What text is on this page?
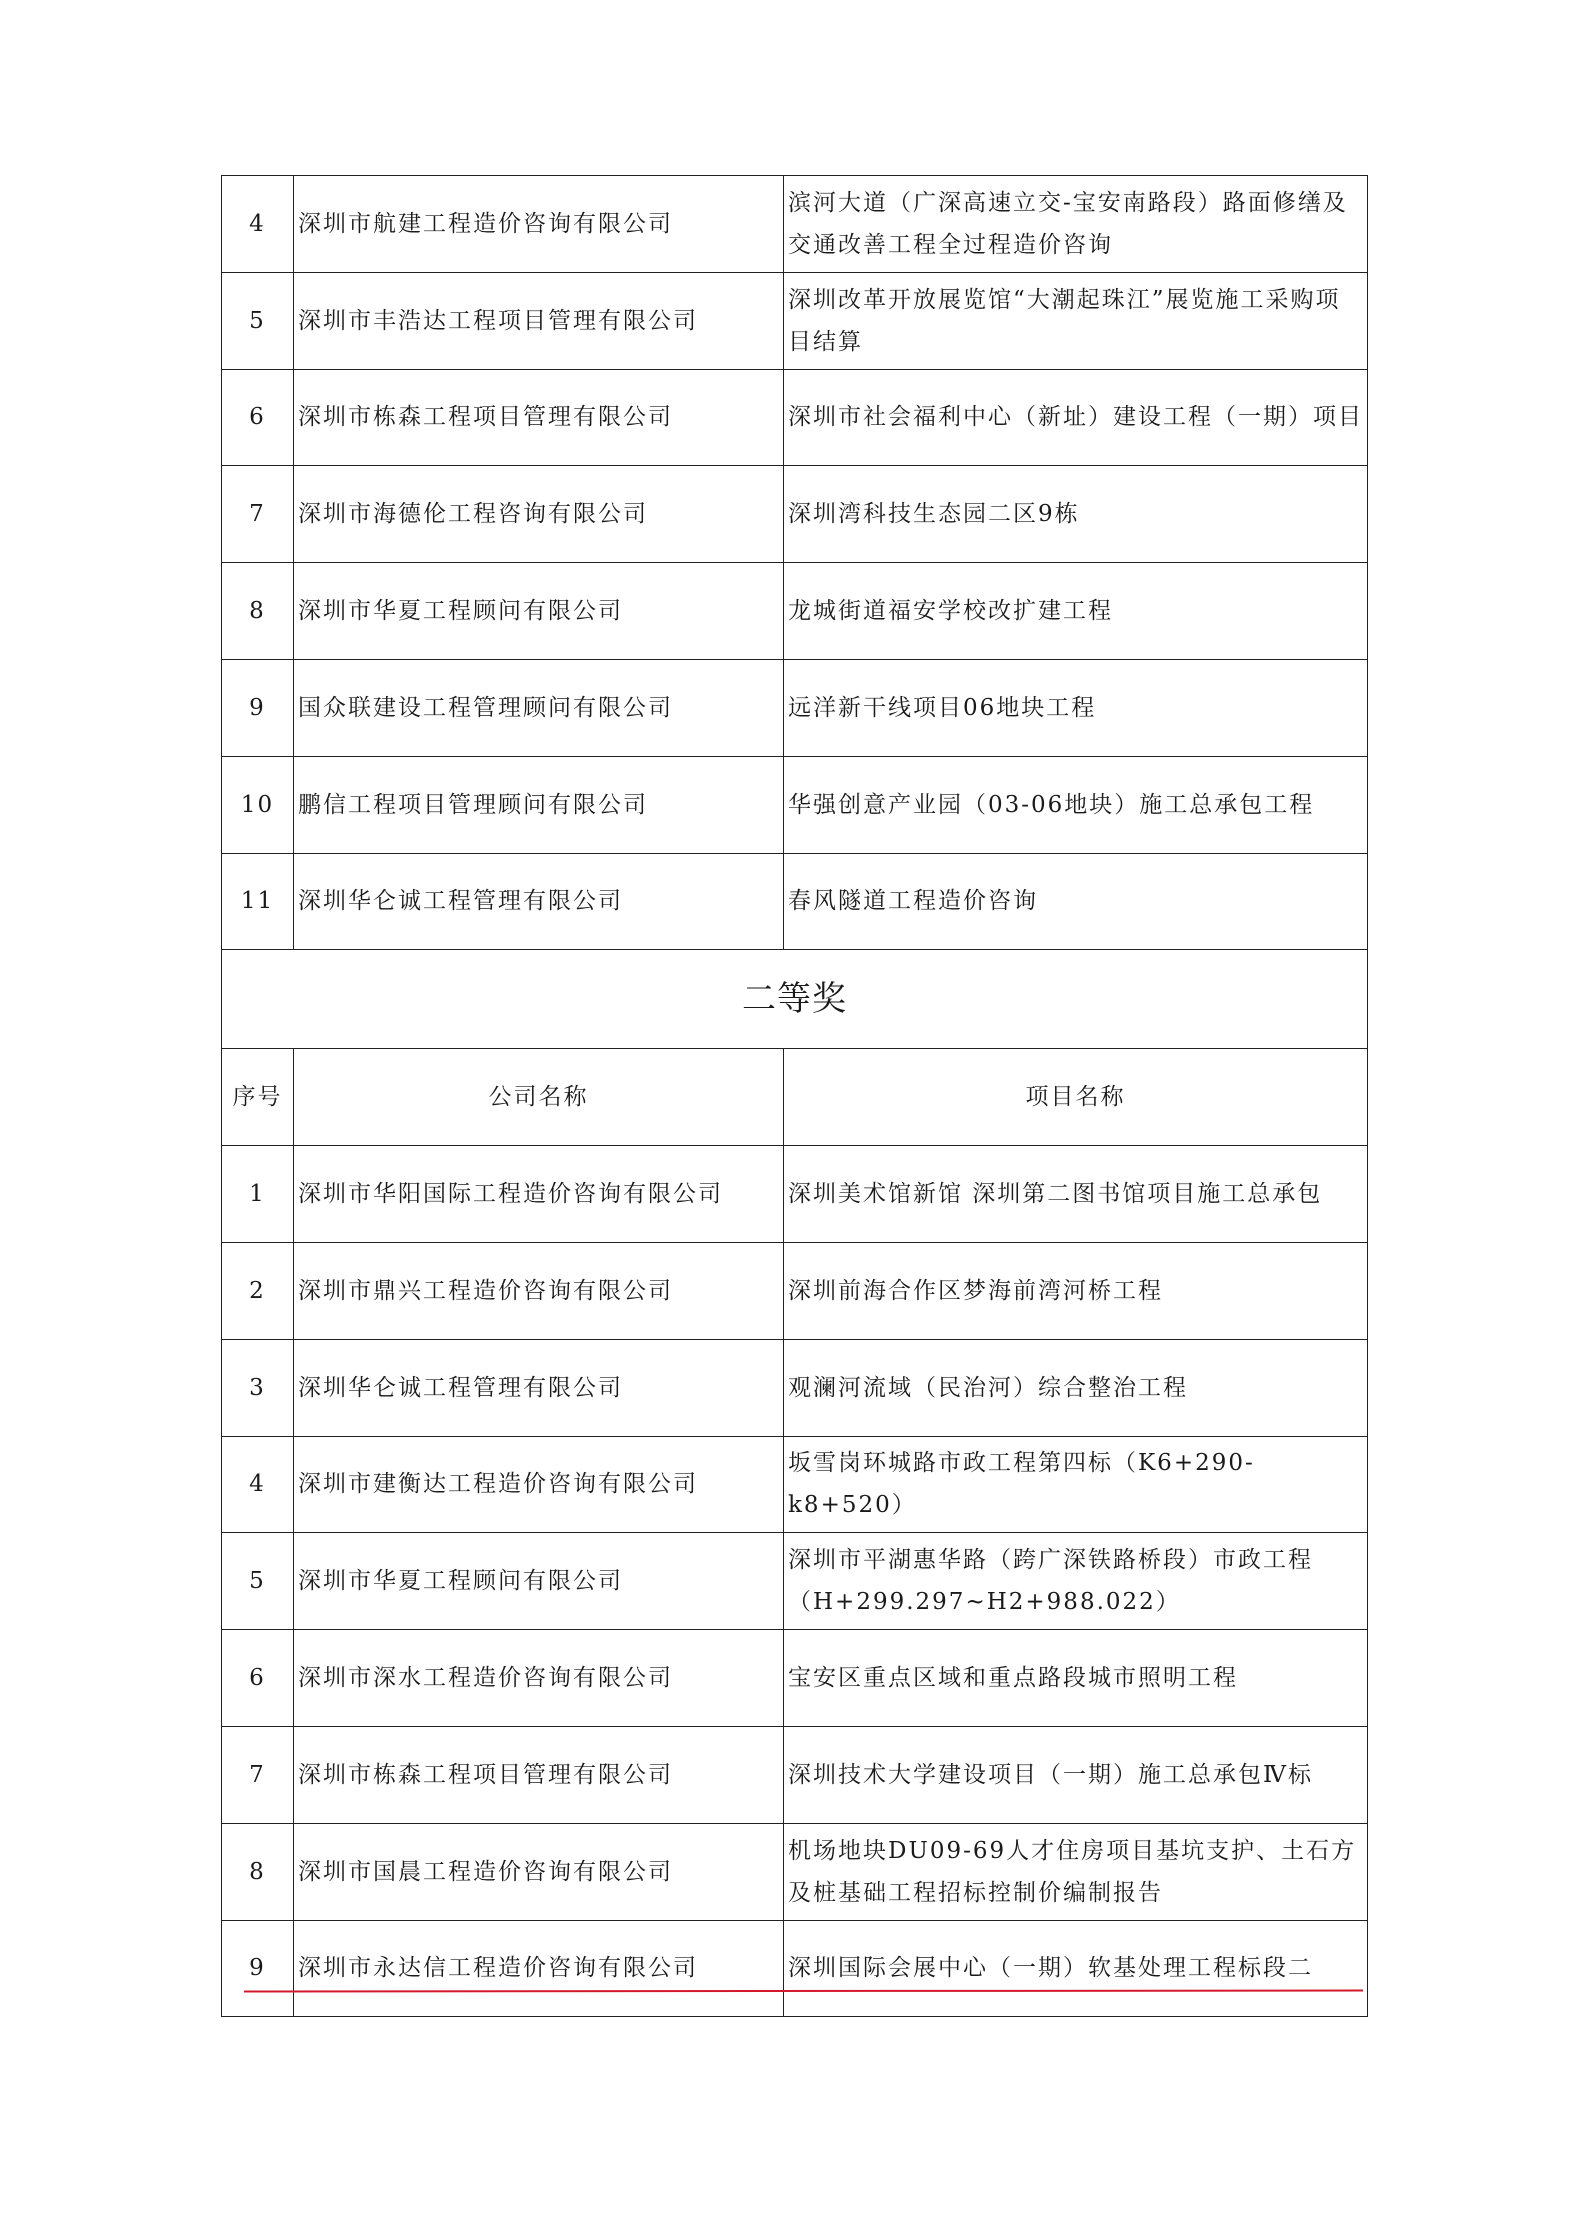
4	深圳市航建工程造价咨询有限公司	滨河大道（广深高速立交-宝安南路段）路面修缮及交通改善工程全过程造价咨询
5	深圳市丰浩达工程项目管理有限公司	深圳改革开放展览馆“大潮起珠江”展览施工采购项目结算
6	深圳市栋森工程项目管理有限公司	深圳市社会福利中心（新址）建设工程（一期）项目
7	深圳市海德伦工程咨询有限公司	深圳湾科技生态园二区9栋
8	深圳市华夏工程顾问有限公司	龙城街道福安学校改扩建工程
9	国众联建设工程管理顾问有限公司	远洋新干线项目06地块工程
10	鹏信工程项目管理顾问有限公司	华强创意产业园（03-06地块）施工总承包工程
11	深圳华仑诚工程管理有限公司	春风隧道工程造价咨询
二等奖		
序号	公司名称	项目名称
1	深圳市华阳国际工程造价咨询有限公司	深圳美术馆新馆 深圳第二图书馆项目施工总承包
2	深圳市鼎兴工程造价咨询有限公司	深圳前海合作区梦海前湾河桥工程
3	深圳华仑诚工程管理有限公司	观澜河流域（民治河）综合整治工程
4	深圳市建衡达工程造价咨询有限公司	坂雪岗环城路市政工程第四标（K6+290-k8+520）
5	深圳市华夏工程顾问有限公司	深圳市平湖惠华路（跨广深铁路桥段）市政工程（H+299.297~H2+988.022）
6	深圳市深水工程造价咨询有限公司	宝安区重点区域和重点路段城市照明工程
7	深圳市栋森工程项目管理有限公司	深圳技术大学建设项目（一期）施工总承包Ⅳ标
8	深圳市国晨工程造价咨询有限公司	机场地块DU09-69人才住房项目基坑支护、土石方及桩基础工程招标控制价编制报告
9	深圳市永达信工程造价咨询有限公司	深圳国际会展中心（一期）软基处理工程标段二
